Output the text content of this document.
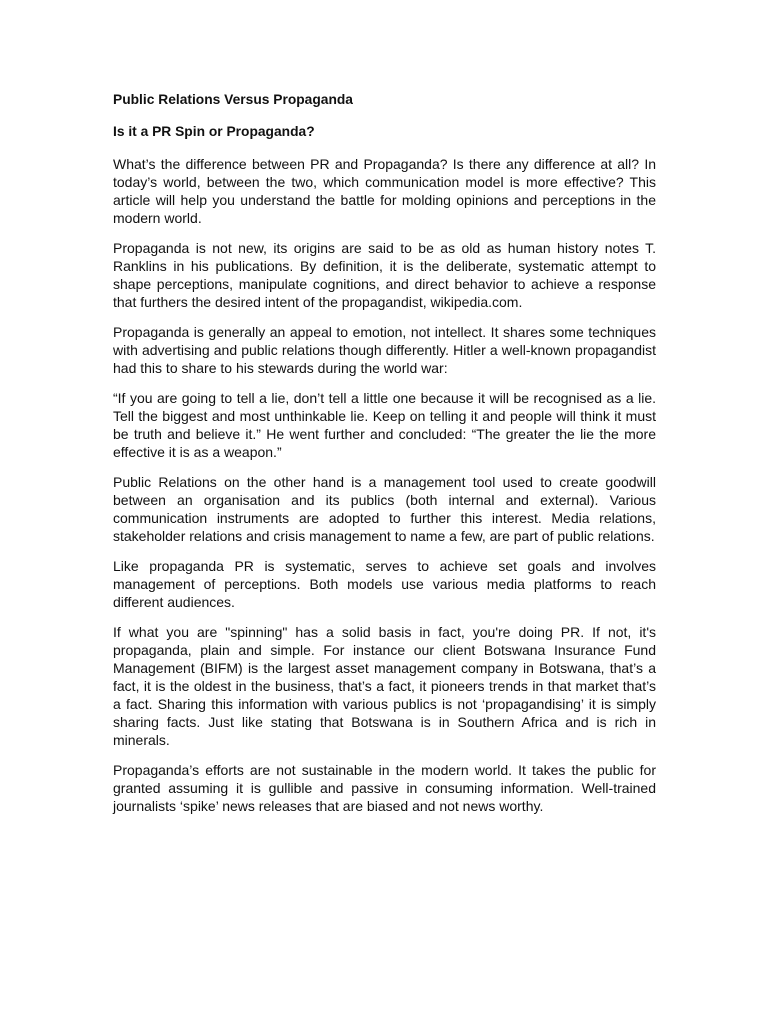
Public Relations Versus Propaganda
Is it a PR Spin or Propaganda?

What’s the difference between PR and Propaganda? Is there any difference at all? In today’s world, between the two, which communication model is more effective? This article will help you understand the battle for molding opinions and perceptions in the modern world.

Propaganda is not new, its origins are said to be as old as human history notes T. Ranklins in his publications. By definition, it is the deliberate, systematic attempt to shape perceptions, manipulate cognitions, and direct behavior to achieve a response that furthers the desired intent of the propagandist, wikipedia.com.

Propaganda is generally an appeal to emotion, not intellect. It shares some techniques with advertising and public relations though differently. Hitler a well-known propagandist had this to share to his stewards during the world war:

“If you are going to tell a lie, don’t tell a little one because it will be recognised as a lie. Tell the biggest and most unthinkable lie. Keep on telling it and people will think it must be truth and believe it.” He went further and concluded: “The greater the lie the more effective it is as a weapon.”

Public Relations on the other hand is a management tool used to create goodwill between an organisation and its publics (both internal and external). Various communication instruments are adopted to further this interest. Media relations, stakeholder relations and crisis management to name a few, are part of public relations.

Like propaganda PR is systematic, serves to achieve set goals and involves management of perceptions. Both models use various media platforms to reach different audiences.

If what you are "spinning" has a solid basis in fact, you're doing PR. If not, it's propaganda, plain and simple. For instance our client Botswana Insurance Fund Management (BIFM) is the largest asset management company in Botswana, that’s a fact, it is the oldest in the business, that’s a fact, it pioneers trends in that market that’s a fact. Sharing this information with various publics is not ‘propagandising’ it is simply sharing facts. Just like stating that Botswana is in Southern Africa and is rich in minerals.

Propaganda’s efforts are not sustainable in the modern world. It takes the public for granted assuming it is gullible and passive in consuming information. Well-trained journalists ‘spike’ news releases that are biased and not news worthy.
